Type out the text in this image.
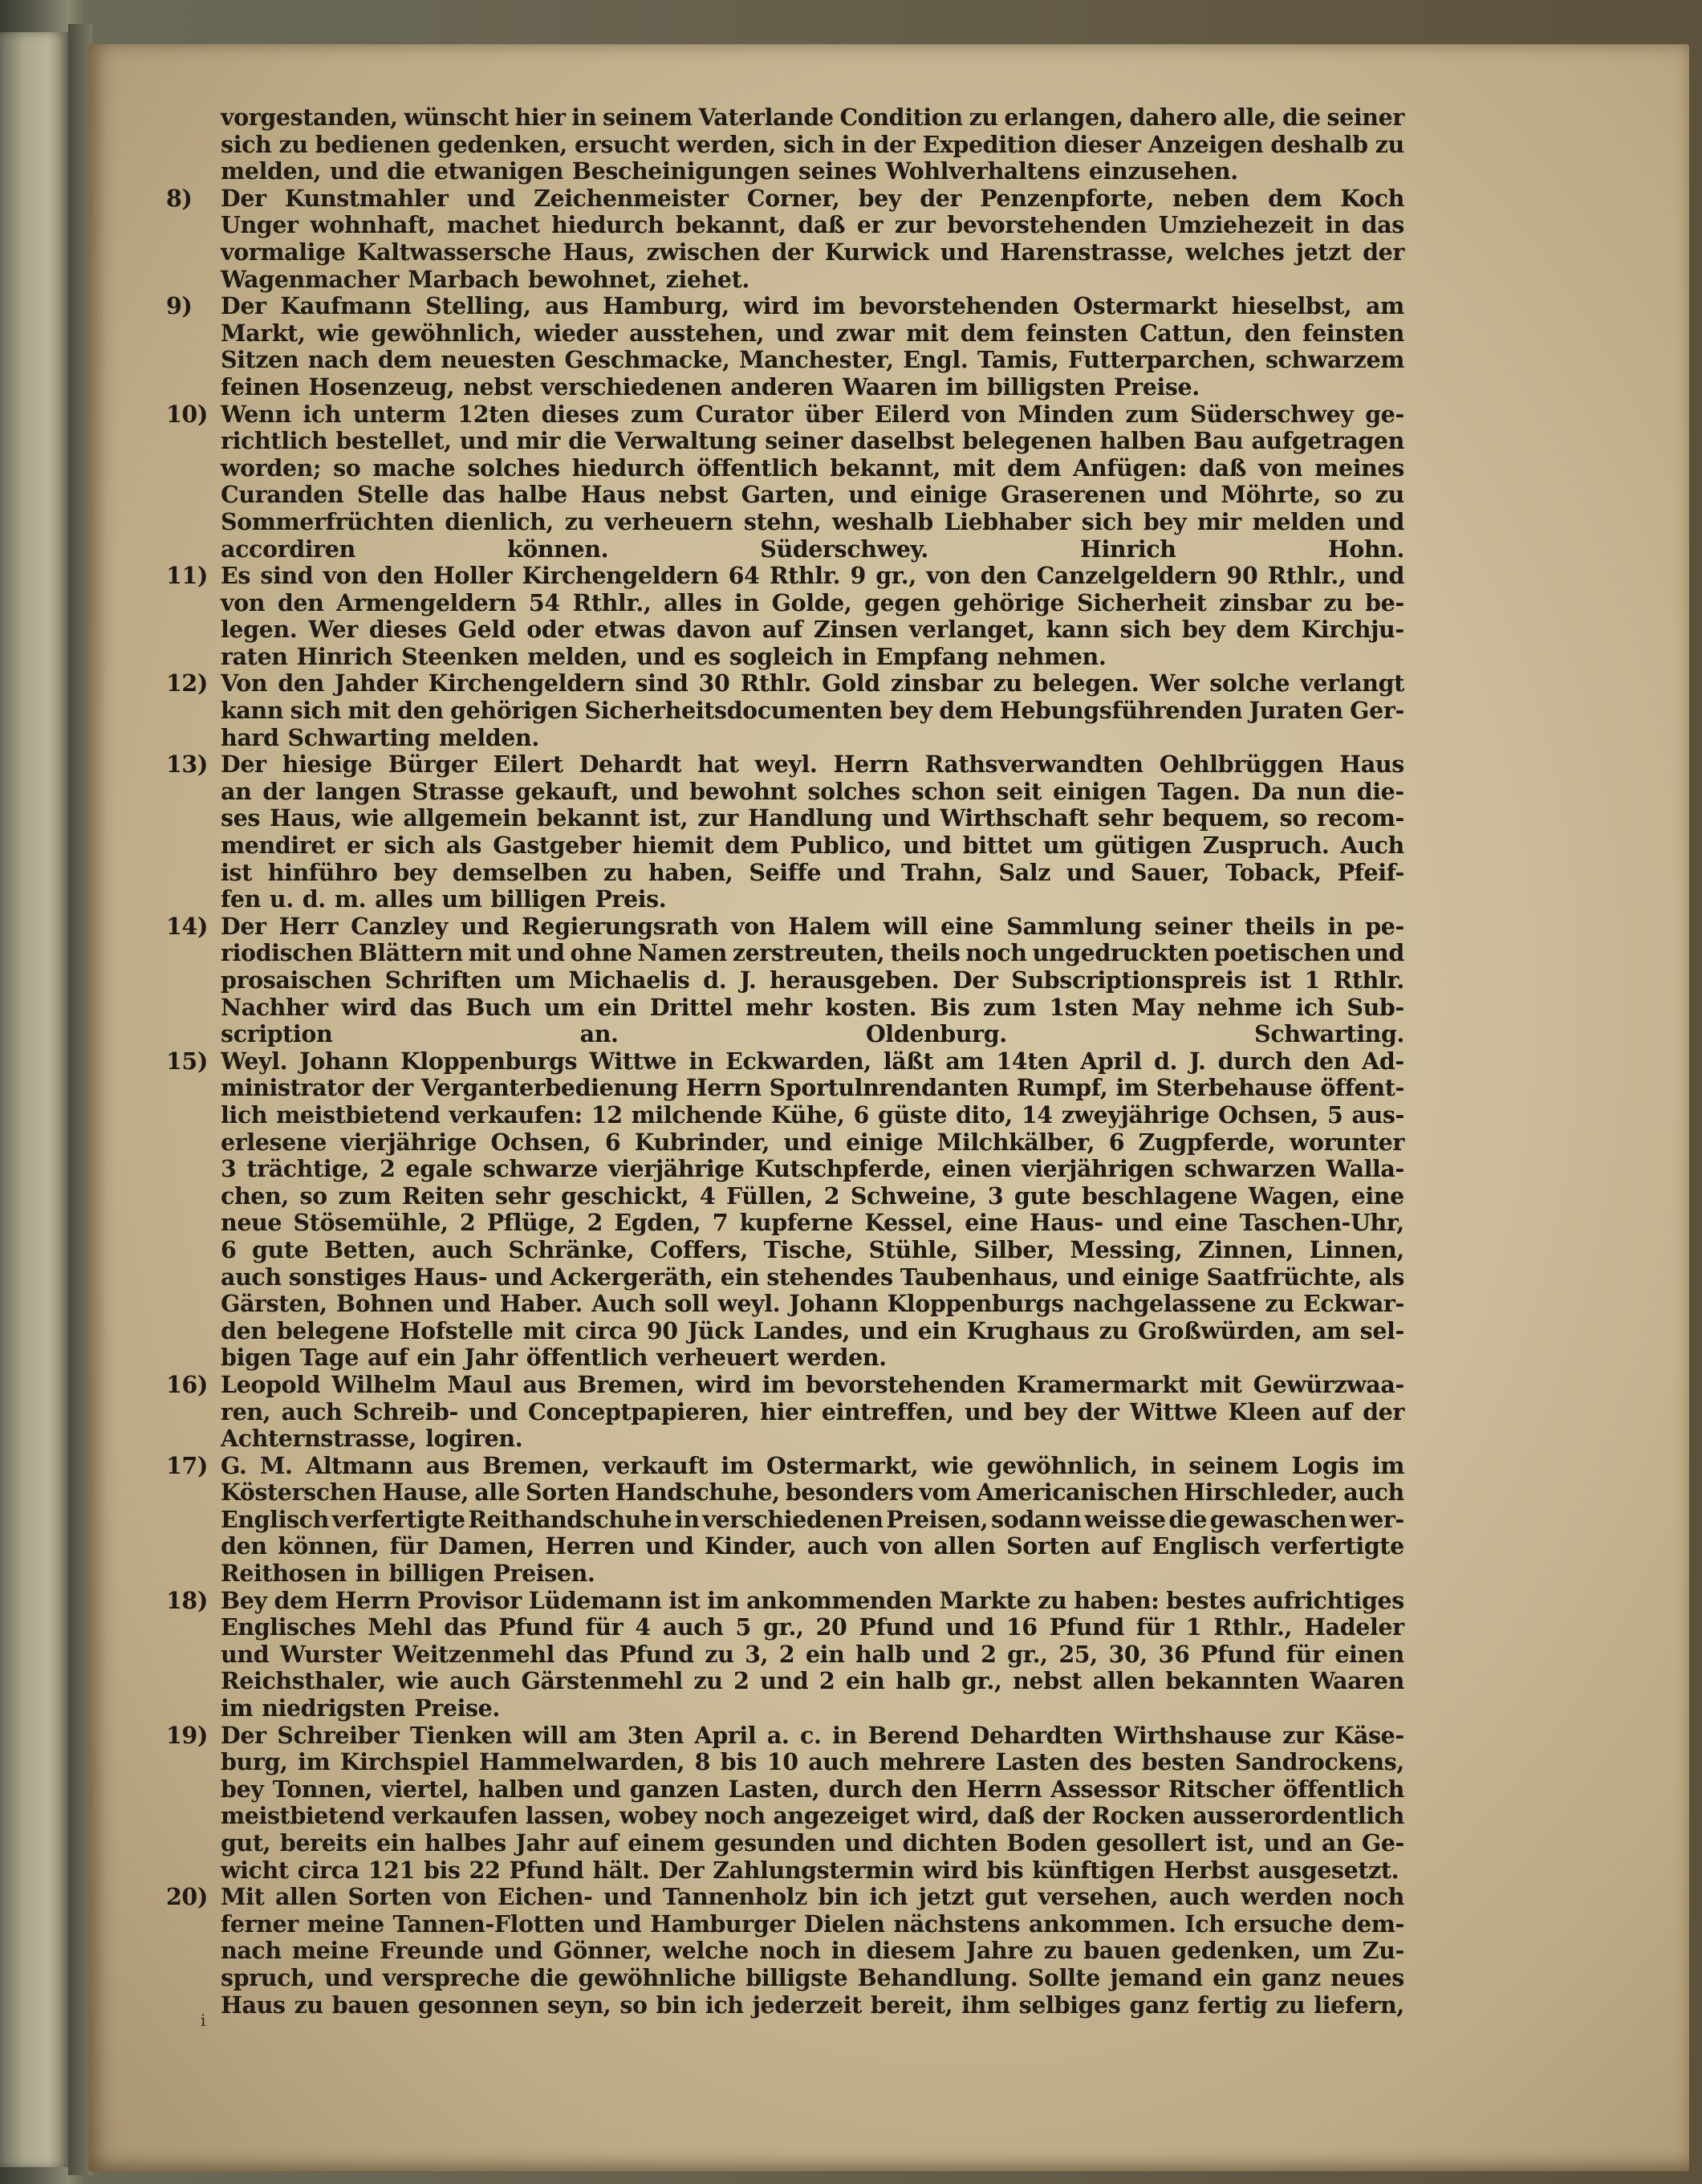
vorgestanden, wünscht hier in seinem Vaterlande Condition zu erlangen, dahero alle, die seiner
sich zu bedienen gedenken, ersucht werden, sich in der Expedition dieser Anzeigen deshalb zu
melden, und die etwanigen Bescheinigungen seines Wohlverhaltens einzusehen.
8)	Der Kunstmahler und Zeichenmeister Corner, bey der Penzenpforte, neben dem Koch
Unger wohnhaft, machet hiedurch bekannt, daß er zur bevorstehenden Umziehezeit in das
vormalige Kaltwassersche Haus, zwischen der Kurwick und Harenstrasse, welches jetzt der
Wagenmacher Marbach bewohnet, ziehet.
9)	Der Kaufmann Stelling, aus Hamburg, wird im bevorstehenden Ostermarkt hieselbst, am
Markt, wie gewöhnlich, wieder ausstehen, und zwar mit dem feinsten Cattun, den feinsten
Sitzen nach dem neuesten Geschmacke, Manchester, Engl. Tamis, Futterparchen, schwarzem
feinen Hosenzeug, nebst verschiedenen anderen Waaren im billigsten Preise.
10) Wenn ich unterm 12ten dieses zum Curator über Eilerd von Minden zum Süderschwey ge-
richtlich bestellet, und mir die Verwaltung seiner daselbst belegenen halben Bau aufgetragen
worden; so mache solches hiedurch öffentlich bekannt, mit dem Anfügen: daß von meines
Curanden Stelle das halbe Haus nebst Garten, und einige Graserenen und Möhrte, so zu
Sommerfrüchten dienlich, zu verheuern stehn, weshalb Liebhaber sich bey mir melden und
accordiren	können.	Süderschwey.	Hinrich	Hohn.
11) Es sind von den Holler Kirchengeldern 64 Rthlr. 9 gr., von den Canzelgeldern 90 Rthlr., und
von den Armengeldern 54 Rthlr., alles in Golde, gegen gehörige Sicherheit zinsbar zu be-
legen. Wer dieses Geld oder etwas davon auf Zinsen verlanget, kann sich bey dem Kirchju-
raten Hinrich Steenken melden, und es sogleich in Empfang nehmen.
12) Von den Jahder Kirchengeldern sind 30 Rthlr. Gold zinsbar zu belegen. Wer solche verlangt
kann sich mit den gehörigen Sicherheitsdocumenten bey dem Hebungsführenden Juraten Ger-
hard Schwarting melden.
13) Der hiesige Bürger Eilert Dehardt hat weyl. Herrn Rathsverwandten Oehlbrüggen Haus
an der langen Strasse gekauft, und bewohnt solches schon seit einigen Tagen. Da nun die-
ses Haus, wie allgemein bekannt ist, zur Handlung und Wirthschaft sehr bequem, so recom-
mendiret er sich als Gastgeber hiemit dem Publico, und bittet um gütigen Zuspruch. Auch
ist hinführo bey demselben zu haben, Seiffe und Trahn, Salz und Sauer, Toback, Pfeif-
fen u. d. m. alles um billigen Preis.
14) Der Herr Canzley und Regierungsrath von Halem will eine Sammlung seiner theils in pe-
riodischen Blättern mit und ohne Namen zerstreuten, theils noch ungedruckten poetischen und
prosaischen Schriften um Michaelis d. J. herausgeben. Der Subscriptionspreis ist 1 Rthlr.
Nachher wird das Buch um ein Drittel mehr kosten. Bis zum 1sten May nehme ich Sub-
scription	an.	Oldenburg.	Schwarting.
15) Weyl. Johann Kloppenburgs Wittwe in Eckwarden, läßt am 14ten April d. J. durch den Ad-
ministrator der Verganterbedienung Herrn Sportulnrendanten Rumpf, im Sterbehause öffent-
lich meistbietend verkaufen: 12 milchende Kühe, 6 güste dito, 14 zweyjährige Ochsen, 5 aus-
erlesene vierjährige Ochsen, 6 Kubrinder, und einige Milchkälber, 6 Zugpferde, worunter
3 trächtige, 2 egale schwarze vierjährige Kutschpferde, einen vierjährigen schwarzen Walla-
chen, so zum Reiten sehr geschickt, 4 Füllen, 2 Schweine, 3 gute beschlagene Wagen, eine
neue Stösemühle, 2 Pflüge, 2 Egden, 7 kupferne Kessel, eine Haus- und eine Taschen-Uhr,
6 gute Betten, auch Schränke, Coffers, Tische, Stühle, Silber, Messing, Zinnen, Linnen,
auch sonstiges Haus- und Ackergeräth, ein stehendes Taubenhaus, und einige Saatfrüchte, als
Gärsten, Bohnen und Haber. Auch soll weyl. Johann Kloppenburgs nachgelassene zu Eckwar-
den belegene Hofstelle mit circa 90 Jück Landes, und ein Krughaus zu Großwürden, am sel-
bigen Tage auf ein Jahr öffentlich verheuert werden.
16) Leopold Wilhelm Maul aus Bremen, wird im bevorstehenden Kramermarkt mit Gewürzwaa-
ren, auch Schreib- und Conceptpapieren, hier eintreffen, und bey der Wittwe Kleen auf der
Achternstrasse, logiren.
17) G. M. Altmann aus Bremen, verkauft im Ostermarkt, wie gewöhnlich, in seinem Logis im
Kösterschen Hause, alle Sorten Handschuhe, besonders vom Americanischen Hirschleder, auch
Englisch verfertigte Reithandschuhe in verschiedenen Preisen, sodann weisse die gewaschen wer-
den können, für Damen, Herren und Kinder, auch von allen Sorten auf Englisch verfertigte
Reithosen in billigen Preisen.
18) Bey dem Herrn Provisor Lüdemann ist im ankommenden Markte zu haben: bestes aufrichtiges
Englisches Mehl das Pfund für 4 auch 5 gr., 20 Pfund und 16 Pfund für 1 Rthlr., Hadeler
und Wurster Weitzenmehl das Pfund zu 3, 2 ein halb und 2 gr., 25, 30, 36 Pfund für einen
Reichsthaler, wie auch Gärstenmehl zu 2 und 2 ein halb gr., nebst allen bekannten Waaren
im niedrigsten Preise.
19) Der Schreiber Tienken will am 3ten April a. c. in Berend Dehardten Wirthshause zur Käse-
burg, im Kirchspiel Hammelwarden, 8 bis 10 auch mehrere Lasten des besten Sandrockens,
bey Tonnen, viertel, halben und ganzen Lasten, durch den Herrn Assessor Ritscher öffentlich
meistbietend verkaufen lassen, wobey noch angezeiget wird, daß der Rocken ausserordentlich
gut, bereits ein halbes Jahr auf einem gesunden und dichten Boden gesollert ist, und an Ge-
wicht circa 121 bis 22 Pfund hält. Der Zahlungstermin wird bis künftigen Herbst ausgesetzt.
20) Mit allen Sorten von Eichen- und Tannenholz bin ich jetzt gut versehen, auch werden noch
ferner meine Tannen-Flotten und Hamburger Dielen nächstens ankommen. Ich ersuche dem-
nach meine Freunde und Gönner, welche noch in diesem Jahre zu bauen gedenken, um Zu-
spruch, und verspreche die gewöhnliche billigste Behandlung. Sollte jemand ein ganz neues
Haus zu bauen gesonnen seyn, so bin ich jederzeit bereit, ihm selbiges ganz fertig zu liefern,
i
